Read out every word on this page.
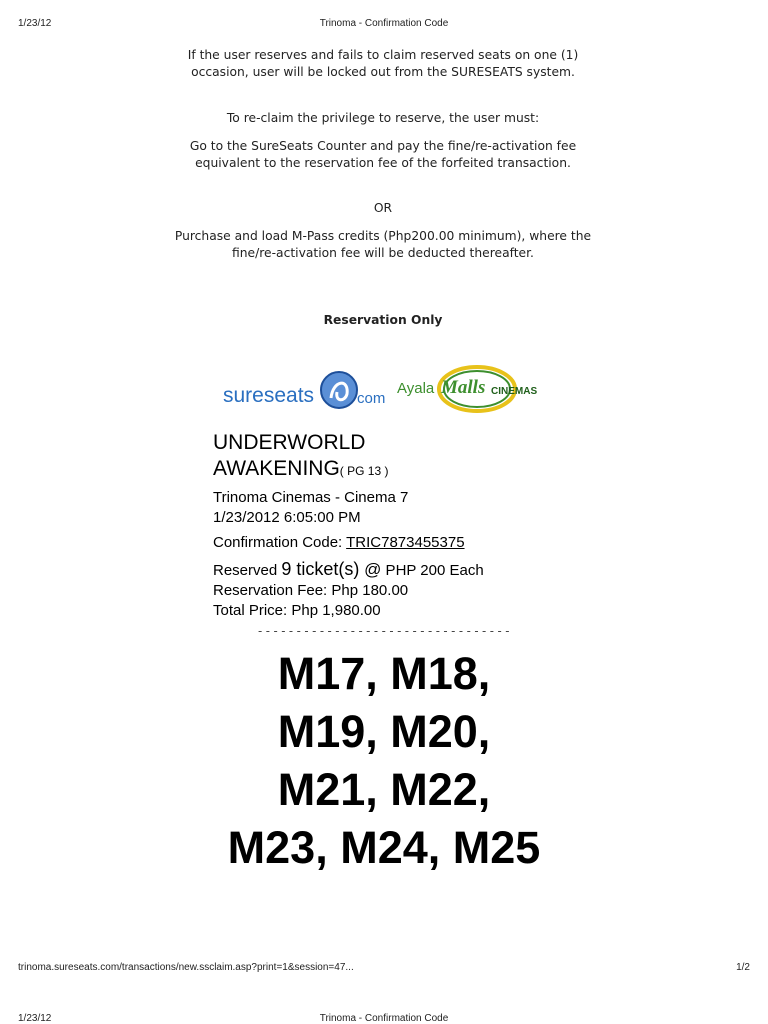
1/23/12	Trinoma - Confirmation Code
If the user reserves and fails to claim reserved seats on one (1) occasion, user will be locked out from the SURESEATS system.
To re-claim the privilege to reserve, the user must:
Go to the SureSeats Counter and pay the fine/re-activation fee equivalent to the reservation fee of the forfeited transaction.
OR
Purchase and load M-Pass credits (Php200.00 minimum), where the fine/re-activation fee will be deducted thereafter.
Reservation Only
sureseats	com
Ayala Malls CINEMAS
UNDERWORLD
AWAKENING( PG 13 )
Trinoma Cinemas - Cinema 7
1/23/2012 6:05:00 PM
Confirmation Code: TRIC7873455375
Reserved 9 ticket(s) @ PHP 200 Each
Reservation Fee: Php 180.00
Total Price: Php 1,980.00
---------------------------------
M17, M18,
M19, M20,
M21, M22,
M23, M24, M25
trinoma.sureseats.com/transactions/new.ssclaim.asp?print=1&session=47...	1/2
1/23/12	Trinoma - Confirmation Code
